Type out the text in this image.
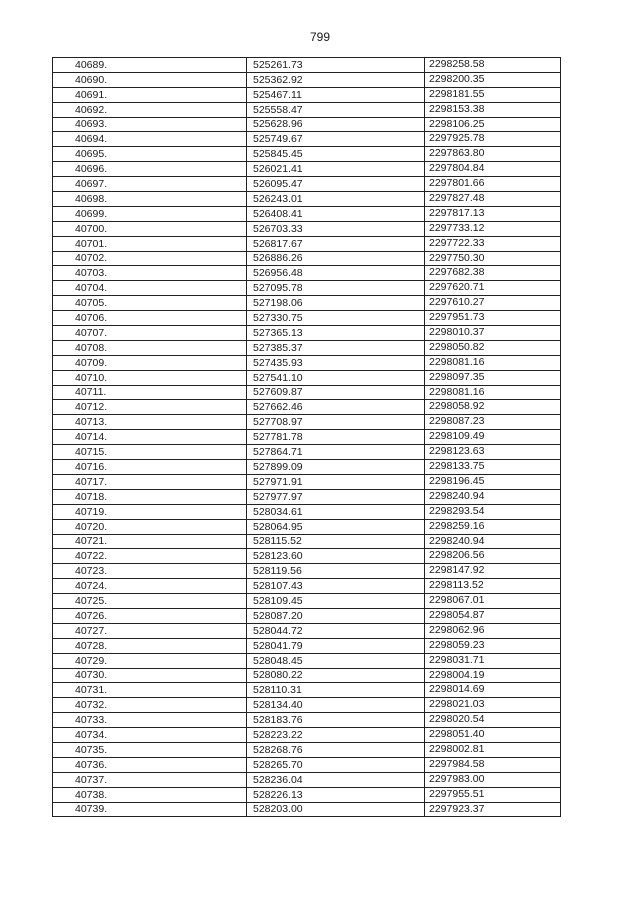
799
40689.	525261.73	2298258.58
40690.	525362.92	2298200.35
40691.	525467.11	2298181.55
40692.	525558.47	2298153.38
40693.	525628.96	2298106.25
40694.	525749.67	2297925.78
40695.	525845.45	2297863.80
40696.	526021.41	2297804.84
40697.	526095.47	2297801.66
40698.	526243.01	2297827.48
40699.	526408.41	2297817.13
40700.	526703.33	2297733.12
40701.	526817.67	2297722.33
40702.	526886.26	2297750.30
40703.	526956.48	2297682.38
40704.	527095.78	2297620.71
40705.	527198.06	2297610.27
40706.	527330.75	2297951.73
40707.	527365.13	2298010.37
40708.	527385.37	2298050.82
40709.	527435.93	2298081.16
40710.	527541.10	2298097.35
40711.	527609.87	2298081.16
40712.	527662.46	2298058.92
40713.	527708.97	2298087.23
40714.	527781.78	2298109.49
40715.	527864.71	2298123.63
40716.	527899.09	2298133.75
40717.	527971.91	2298196.45
40718.	527977.97	2298240.94
40719.	528034.61	2298293.54
40720.	528064.95	2298259.16
40721.	528115.52	2298240.94
40722.	528123.60	2298206.56
40723.	528119.56	2298147.92
40724.	528107.43	2298113.52
40725.	528109.45	2298067.01
40726.	528087.20	2298054.87
40727.	528044.72	2298062.96
40728.	528041.79	2298059.23
40729.	528048.45	2298031.71
40730.	528080.22	2298004.19
40731.	528110.31	2298014.69
40732.	528134.40	2298021.03
40733.	528183.76	2298020.54
40734.	528223.22	2298051.40
40735.	528268.76	2298002.81
40736.	528265.70	2297984.58
40737.	528236.04	2297983.00
40738.	528226.13	2297955.51
40739.	528203.00	2297923.37
